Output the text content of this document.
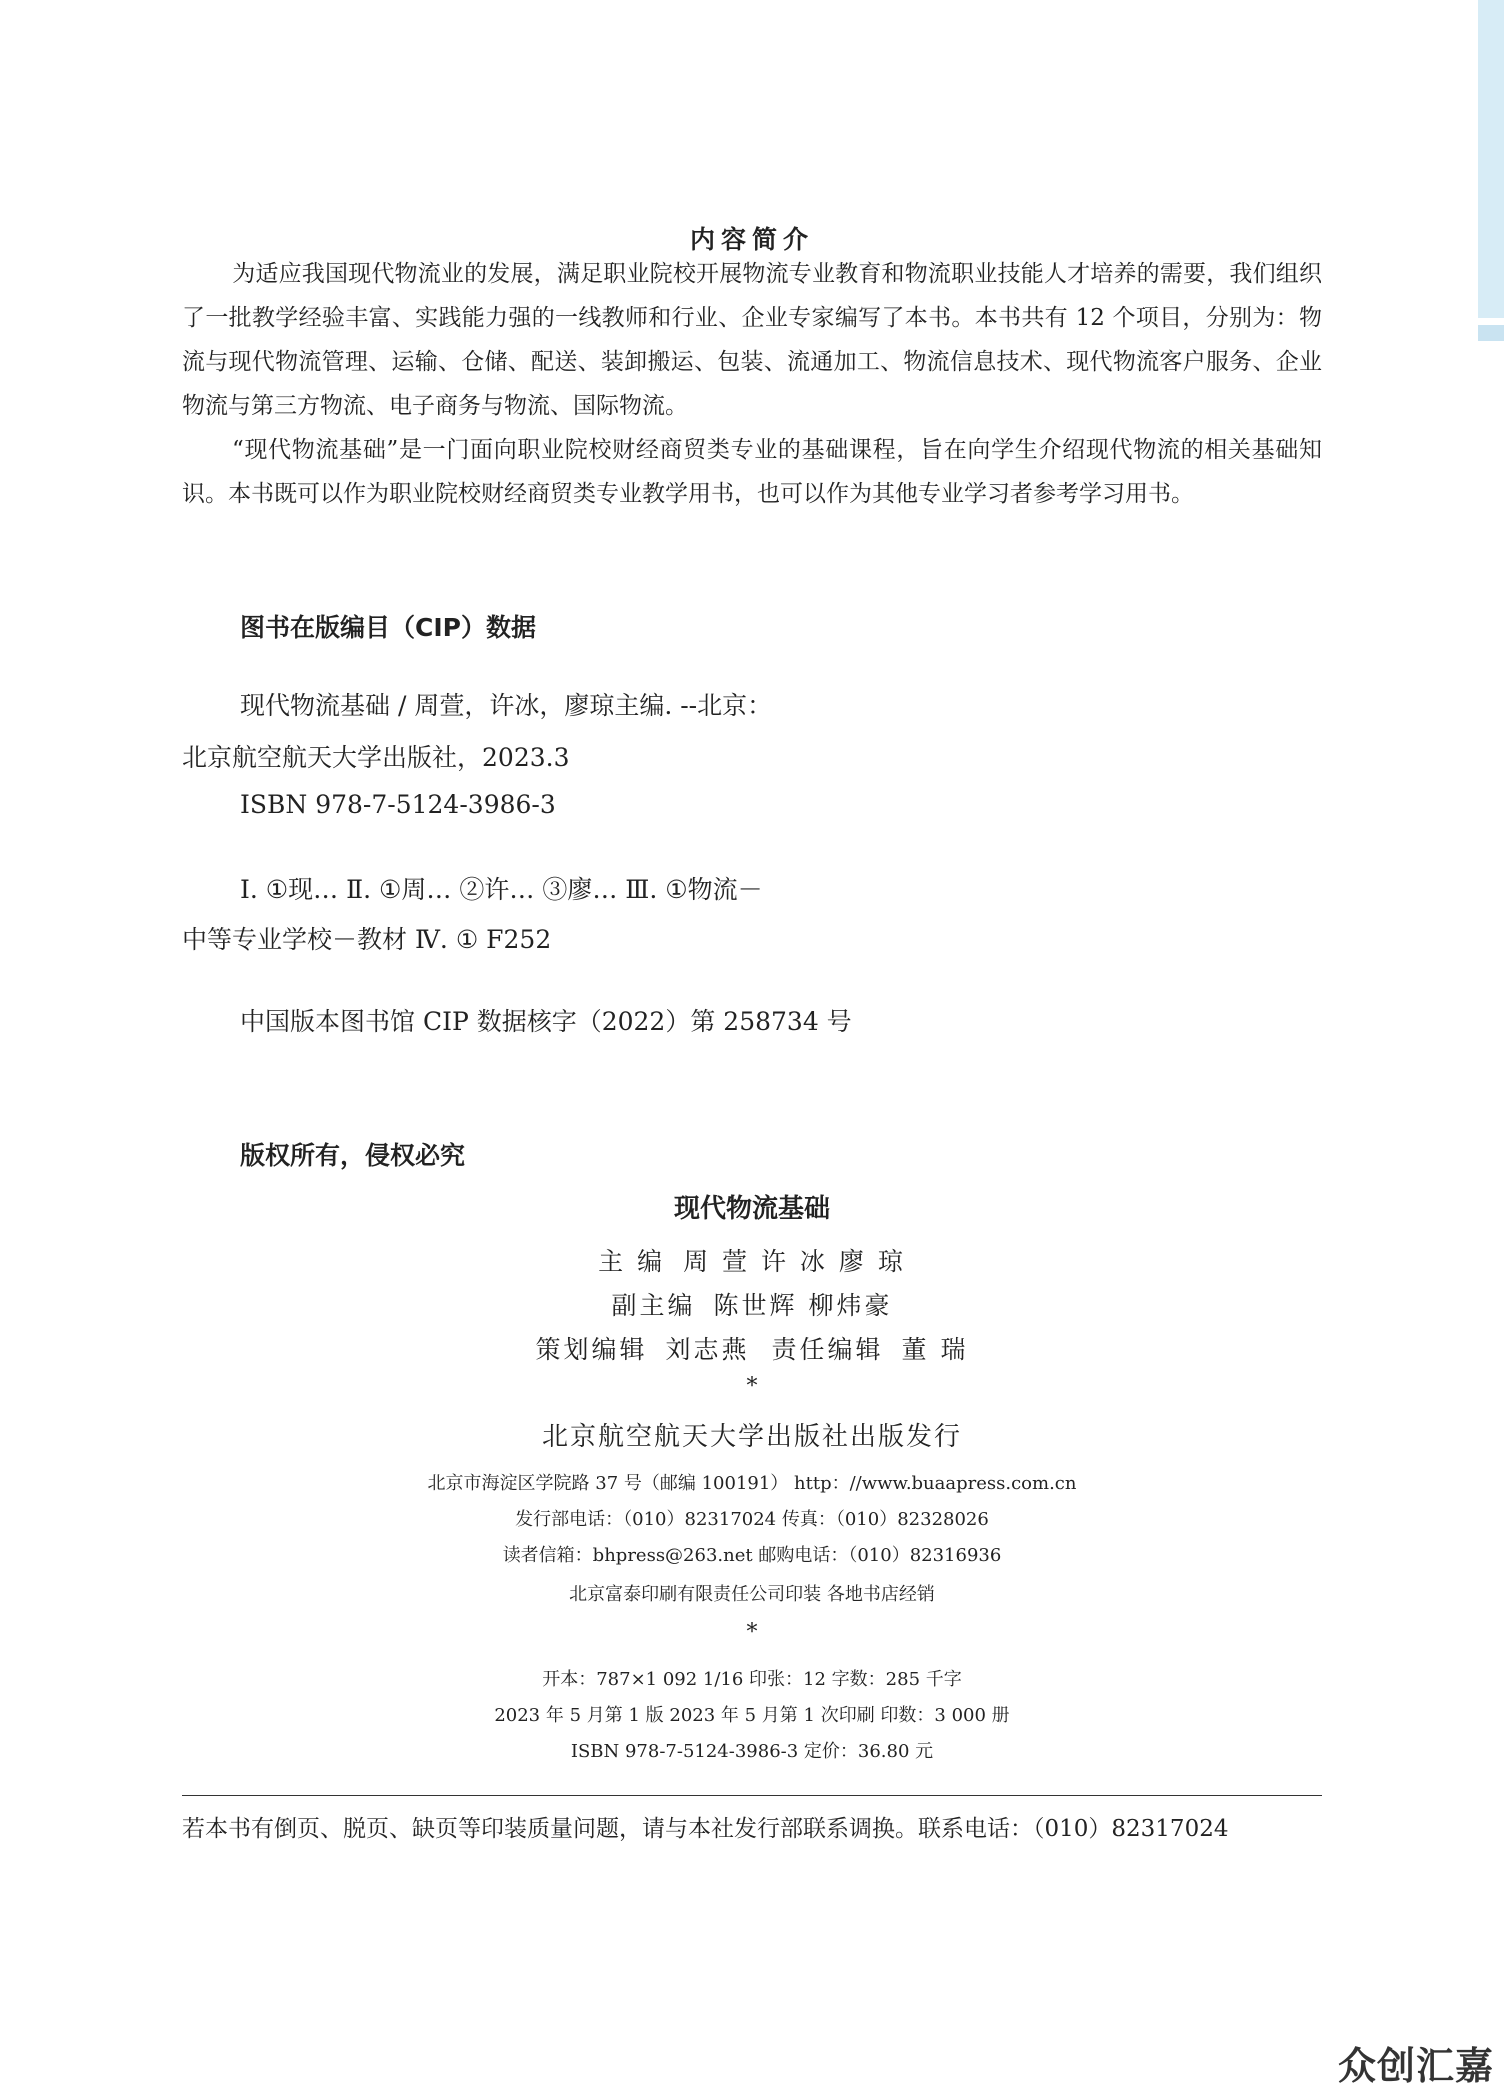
内容简介

为适应我国现代物流业的发展，满足职业院校开展物流专业教育和物流职业技能人才培养的需要，我们组织了一批教学经验丰富、实践能力强的一线教师和行业、企业专家编写了本书。本书共有 12 个项目，分别为：物流与现代物流管理、运输、仓储、配送、装卸搬运、包装、流通加工、物流信息技术、现代物流客户服务、企业物流与第三方物流、电子商务与物流、国际物流。

“现代物流基础”是一门面向职业院校财经商贸类专业的基础课程，旨在向学生介绍现代物流的相关基础知识。本书既可以作为职业院校财经商贸类专业教学用书，也可以作为其他专业学习者参考学习用书。

图书在版编目（CIP）数据
现代物流基础 / 周萱，许冰，廖琼主编. --北京：
北京航空航天大学出版社，2023.3
ISBN 978-7-5124-3986-3
Ⅰ. ①现… Ⅱ. ①周… ②许… ③廖… Ⅲ. ①物流－
中等专业学校－教材 Ⅳ. ① F252
中国版本图书馆 CIP 数据核字（2022）第 258734 号
版权所有，侵权必究
现代物流基础
主 编 周 萱 许 冰 廖 琼
副主编 陈世辉 柳炜豪
策划编辑 刘志燕 责任编辑 董 瑞
*
北京航空航天大学出版社出版发行
北京市海淀区学院路 37 号（邮编 100191） http：//www.buaapress.com.cn
发行部电话：（010）82317024 传真：（010）82328026
读者信箱：bhpress@263.net 邮购电话：（010）82316936
北京富泰印刷有限责任公司印装 各地书店经销
*
开本：787×1 092 1/16 印张：12 字数：285 千字
2023 年 5 月第 1 版 2023 年 5 月第 1 次印刷 印数：3 000 册
ISBN 978-7-5124-3986-3 定价：36.80 元
若本书有倒页、脱页、缺页等印装质量问题，请与本社发行部联系调换。联系电话：（010）82317024
众创汇嘉
